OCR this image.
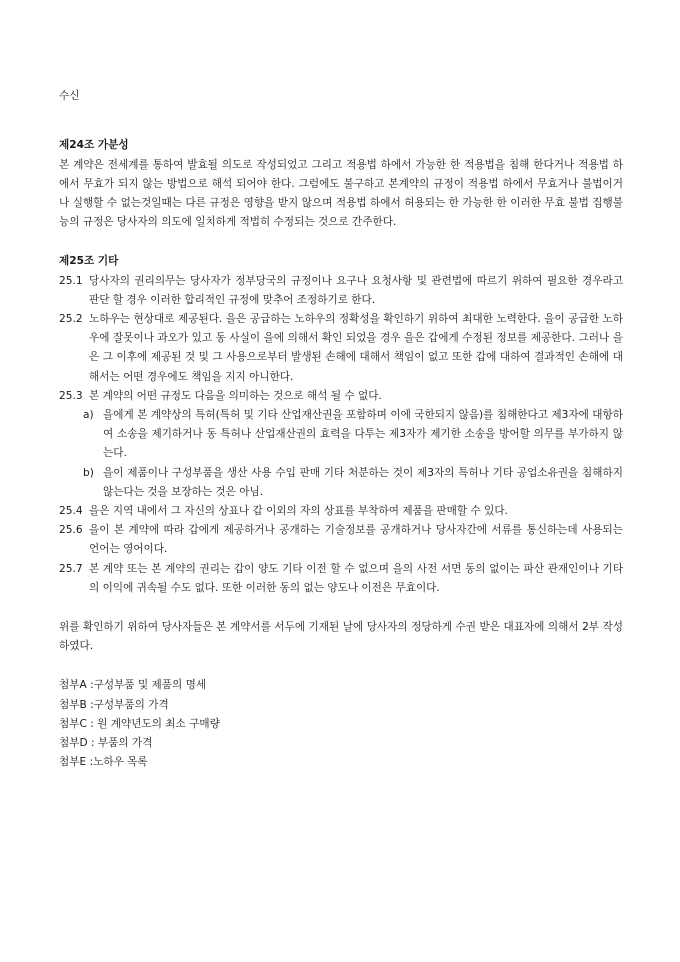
수신

제24조 가분성

본 계약은 전세계를 통하여 발효될 의도로 작성되었고 그리고 적용법 하에서 가능한 한 적용법을 침해 한다거나 적용법 하에서 무효가 되지 않는 방법으로 해석 되어야 한다. 그럼에도 불구하고 본계약의 규정이 적용법 하에서 무효거나 불법이거나 실행할 수 없는것일때는 다른 규정은 영향을 받지 않으며 적용법 하에서 허용되는 한 가능한 한 이러한 무효 불법 집행불능의 규정은 당사자의 의도에 일치하게 적법히 수정되는 것으로 간주한다.

제25조 기타

25.1 당사자의 권리의무는 당사자가 정부당국의 규정이나 요구나 요청사항 및 관련법에 따르기 위하여 필요한 경우라고 판단 할 경우 이러한 합리적인 규정에 맞추어 조정하기로 한다.
25.2 노하우는 현상대로 제공된다. 을은 공급하는 노하우의 정확성을 확인하기 위하여 최대한 노력한다. 을이 공급한 노하우에 잘못이나 과오가 있고 동 사실이 을에 의해서 확인 되었을 경우 을은 갑에게 수정된 정보를 제공한다. 그러나 을은 그 이후에 제공된 것 및 그 사용으로부터 발생된 손해에 대해서 책임이 없고 또한 갑에 대하여 결과적인 손해에 대해서는 어떤 경우에도 책임을 지지 아니한다.
25.3 본 계약의 어떤 규정도 다음을 의미하는 것으로 해석 될 수 없다.
a) 을에게 본 계약상의 특허(특허 및 기타 산업재산권을 포함하며 이에 국한되지 않음)를 침해한다고 제3자에 대항하여 소송을 제기하거나 동 특허나 산업재산권의 효력을 다투는 제3자가 제기한 소송을 방어할 의무를 부가하지 않는다.
b) 을이 제품이나 구성부품을 생산 사용 수입 판매 기타 처분하는 것이 제3자의 특허나 기타 공업소유권을 침해하지 않는다는 것을 보장하는 것은 아님.
25.4 을은 지역 내에서 그 자신의 상표나 갑 이외의 자의 상표를 부착하여 제품을 판매할 수 있다.
25.6 을이 본 계약에 따라 갑에게 제공하거나 공개하는 기술정보를 공개하거나 당사자간에 서류를 통신하는데 사용되는 언어는 영어이다.
25.7 본 계약 또는 본 계약의 권리는 갑이 양도 기타 이전 할 수 없으며 을의 사전 서면 동의 없이는 파산 관재인이나 기타의 이익에 귀속될 수도 없다. 또한 이러한 동의 없는 양도나 이전은 무효이다.

위를 확인하기 위하여 당사자들은 본 계약서를 서두에 기재된 날에 당사자의 정당하게 수권 받은 대표자에 의해서 2부 작성하였다.

첨부A :구성부품 및 제품의 명세

첨부B :구성부품의 가격

첨부C : 원 계약년도의 최소 구매량

첨부D : 부품의 가격

첨부E :노하우 목록
